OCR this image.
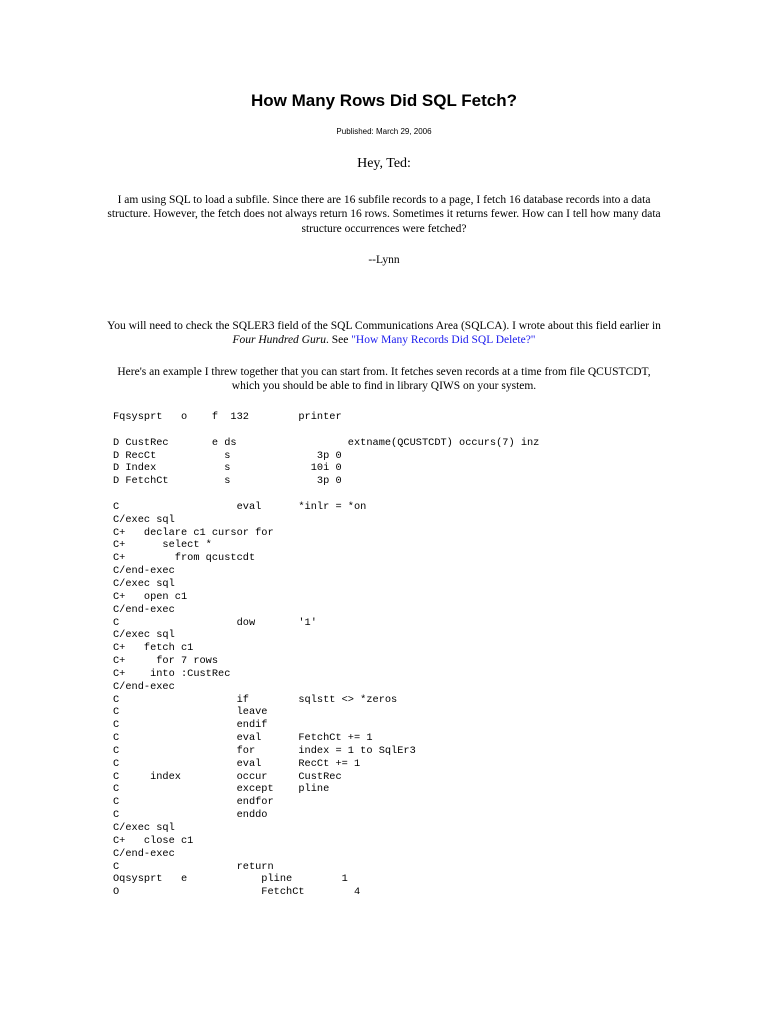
How Many Rows Did SQL Fetch?
Published: March 29, 2006
Hey, Ted:

I am using SQL to load a subfile. Since there are 16 subfile records to a page, I fetch 16 database records into a data structure. However, the fetch does not always return 16 rows. Sometimes it returns fewer. How can I tell how many data structure occurrences were fetched?

--Lynn

You will need to check the SQLER3 field of the SQL Communications Area (SQLCA). I wrote about this field earlier in Four Hundred Guru. See "How Many Records Did SQL Delete?"

Here's an example I threw together that you can start from. It fetches seven records at a time from file QCUSTCDT, which you should be able to find in library QIWS on your system.

Fqsysprt   o    f  132        printer
D CustRec       e ds                  extname(QCUSTCDT) occurs(7) inz
D RecCt           s              3p 0
D Index           s             10i 0
D FetchCt         s              3p 0
C                   eval      *inlr = *on
C/exec sql
C+   declare c1 cursor for
C+      select *
C+        from qcustcdt
C/end-exec
C/exec sql
C+   open c1
C/end-exec
C                   dow       '1'
C/exec sql
C+   fetch c1
C+     for 7 rows
C+    into :CustRec
C/end-exec
C                   if        sqlstt <> *zeros
C                   leave
C                   endif
C                   eval      FetchCt += 1
C                   for       index = 1 to SqlEr3
C                   eval      RecCt += 1
C     index         occur     CustRec
C                   except    pline
C                   endfor
C                   enddo
C/exec sql
C+   close c1
C/end-exec
C                   return
Oqsysprt   e            pline        1
O                       FetchCt        4
